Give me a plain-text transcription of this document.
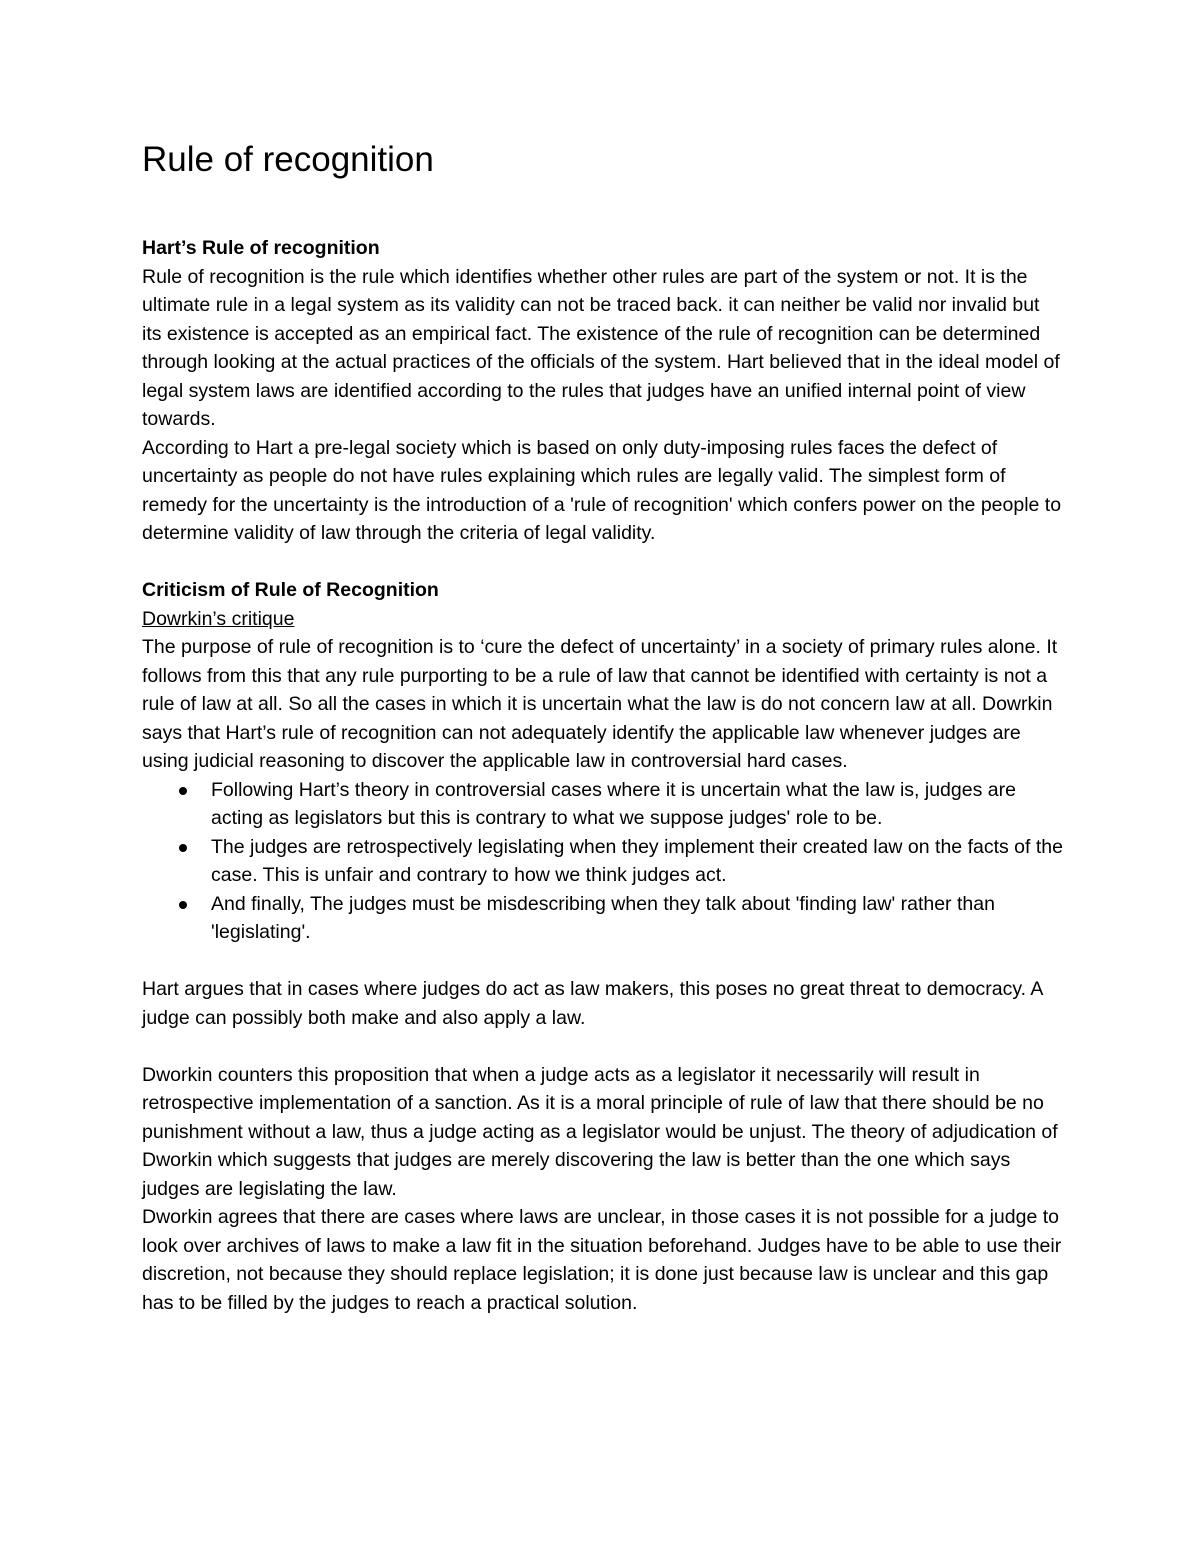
Rule of recognition
Hart’s Rule of recognition

Rule of recognition is the rule which identifies whether other rules are part of the system or not. It is the ultimate rule in a legal system as its validity can not be traced back. it can neither be valid nor invalid but its existence is accepted as an empirical fact. The existence of the rule of recognition can be determined through looking at the actual practices of the officials of the system. Hart believed that in the ideal model of legal system laws are identified according to the rules that judges have an unified internal point of view towards.

According to Hart a pre-legal society which is based on only duty-imposing rules faces the defect of uncertainty as people do not have rules explaining which rules are legally valid. The simplest form of remedy for the uncertainty is the introduction of a 'rule of recognition' which confers power on the people to determine validity of law through the criteria of legal validity.

Criticism of Rule of Recognition
Dowrkin’s critique

The purpose of rule of recognition is to ‘cure the defect of uncertainty’ in a society of primary rules alone. It follows from this that any rule purporting to be a rule of law that cannot be identified with certainty is not a rule of law at all. So all the cases in which it is uncertain what the law is do not concern law at all. Dowrkin says that Hart’s rule of recognition can not adequately identify the applicable law whenever judges are using judicial reasoning to discover the applicable law in controversial hard cases.

Following Hart’s theory in controversial cases where it is uncertain what the law is, judges are acting as legislators but this is contrary to what we suppose judges' role to be.
The judges are retrospectively legislating when they implement their created law on the facts of the case. This is unfair and contrary to how we think judges act.
And finally, The judges must be misdescribing when they talk about 'finding law' rather than 'legislating'.

Hart argues that in cases where judges do act as law makers, this poses no great threat to democracy. A judge can possibly both make and also apply a law.

Dworkin counters this proposition that when a judge acts as a legislator it necessarily will result in retrospective implementation of a sanction. As it is a moral principle of rule of law that there should be no punishment without a law, thus a judge acting as a legislator would be unjust. The theory of adjudication of Dworkin which suggests that judges are merely discovering the law is better than the one which says judges are legislating the law.

Dworkin agrees that there are cases where laws are unclear, in those cases it is not possible for a judge to look over archives of laws to make a law fit in the situation beforehand. Judges have to be able to use their discretion, not because they should replace legislation; it is done just because law is unclear and this gap has to be filled by the judges to reach a practical solution.
